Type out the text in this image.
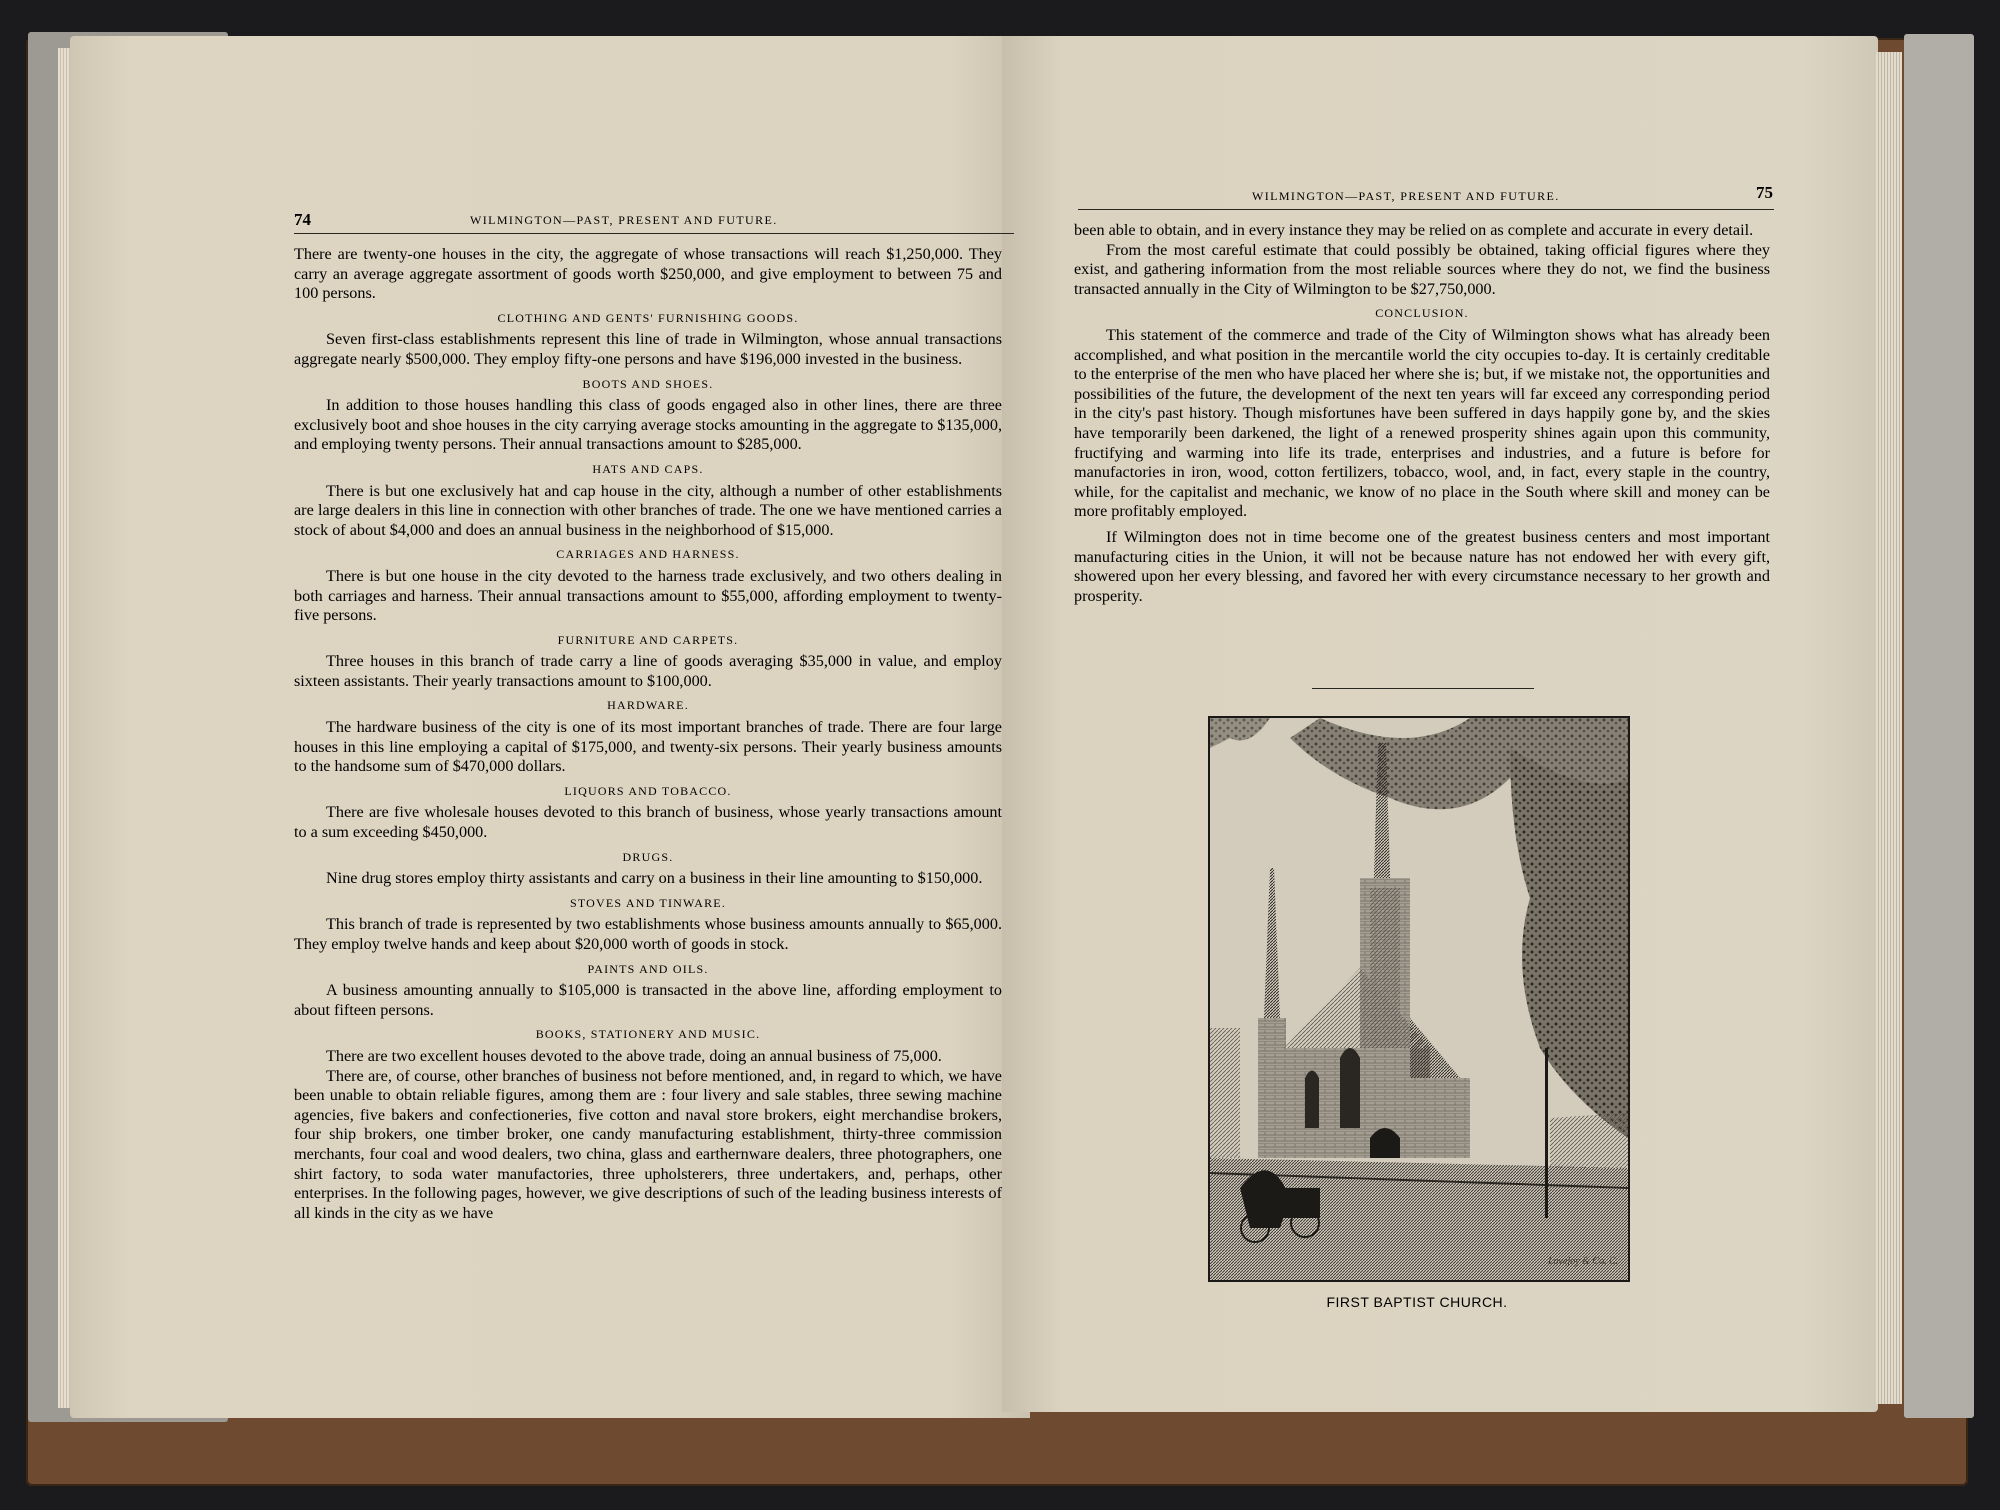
74	WILMINGTON—PAST, PRESENT AND FUTURE.

There are twenty-one houses in the city, the aggregate of whose transactions will reach $1,250,000. They carry an average aggregate assortment of goods worth $250,000, and give employment to between 75 and 100 persons.

CLOTHING AND GENTS' FURNISHING GOODS.

Seven first-class establishments represent this line of trade in Wilmington, whose annual transactions aggregate nearly $500,000. They employ fifty-one persons and have $196,000 invested in the business.

BOOTS AND SHOES.

In addition to those houses handling this class of goods engaged also in other lines, there are three exclusively boot and shoe houses in the city carrying average stocks amounting in the aggregate to $135,000, and employing twenty persons. Their annual transactions amount to $285,000.

HATS AND CAPS.

There is but one exclusively hat and cap house in the city, although a number of other establishments are large dealers in this line in connection with other branches of trade. The one we have mentioned carries a stock of about $4,000 and does an annual business in the neighborhood of $15,000.

CARRIAGES AND HARNESS.

There is but one house in the city devoted to the harness trade exclusively, and two others dealing in both carriages and harness. Their annual transactions amount to $55,000, affording employment to twenty-five persons.

FURNITURE AND CARPETS.

Three houses in this branch of trade carry a line of goods averaging $35,000 in value, and employ sixteen assistants. Their yearly transactions amount to $100,000.

HARDWARE.

The hardware business of the city is one of its most important branches of trade. There are four large houses in this line employing a capital of $175,000, and twenty-six persons. Their yearly business amounts to the handsome sum of $470,000 dollars.

LIQUORS AND TOBACCO.

There are five wholesale houses devoted to this branch of business, whose yearly transactions amount to a sum exceeding $450,000.

DRUGS.

Nine drug stores employ thirty assistants and carry on a business in their line amounting to $150,000.

STOVES AND TINWARE.

This branch of trade is represented by two establishments whose business amounts annually to $65,000. They employ twelve hands and keep about $20,000 worth of goods in stock.

PAINTS AND OILS.

A business amounting annually to $105,000 is transacted in the above line, affording employment to about fifteen persons.

BOOKS, STATIONERY AND MUSIC.

There are two excellent houses devoted to the above trade, doing an annual business of 75,000.

There are, of course, other branches of business not before mentioned, and, in regard to which, we have been unable to obtain reliable figures, among them are : four livery and sale stables, three sewing machine agencies, five bakers and confectioneries, five cotton and naval store brokers, eight merchandise brokers, four ship brokers, one timber broker, one candy manufacturing establishment, thirty-three commission merchants, four coal and wood dealers, two china, glass and earthernware dealers, three photographers, one shirt factory, to soda water manufactories, three upholsterers, three undertakers, and, perhaps, other enterprises. In the following pages, however, we give descriptions of such of the leading business interests of all kinds in the city as we have

WILMINGTON—PAST, PRESENT AND FUTURE.	75

been able to obtain, and in every instance they may be relied on as complete and accurate in every detail.

From the most careful estimate that could possibly be obtained, taking official figures where they exist, and gathering information from the most reliable sources where they do not, we find the business transacted annually in the City of Wilmington to be $27,750,000.

CONCLUSION.

This statement of the commerce and trade of the City of Wilmington shows what has already been accomplished, and what position in the mercantile world the city occupies to-day. It is certainly creditable to the enterprise of the men who have placed her where she is; but, if we mistake not, the opportunities and possibilities of the future, the development of the next ten years will far exceed any corresponding period in the city's past history. Though misfortunes have been suffered in days happily gone by, and the skies have temporarily been darkened, the light of a renewed prosperity shines again upon this community, fructifying and warming into life its trade, enterprises and industries, and a future is before for manufactories in iron, wood, cotton fertilizers, tobacco, wool, and, in fact, every staple in the country, while, for the capitalist and mechanic, we know of no place in the South where skill and money can be more profitably employed.

If Wilmington does not in time become one of the greatest business centers and most important manufacturing cities in the Union, it will not be because nature has not endowed her with every gift, showered upon her every blessing, and favored her with every circumstance necessary to her growth and prosperity.

FIRST BAPTIST CHURCH.
Lovejoy & Co. C.
